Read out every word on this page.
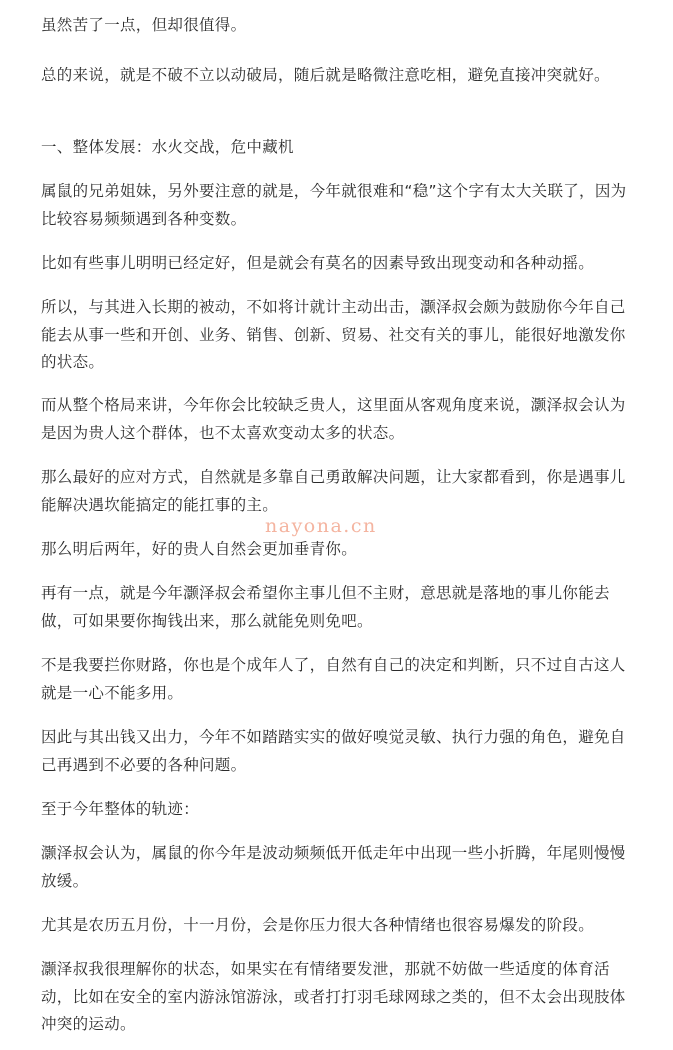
虽然苦了一点，但却很值得。

总的来说，就是不破不立以动破局，随后就是略微注意吃相，避免直接冲突就好。

一、整体发展：水火交战，危中藏机

属鼠的兄弟姐妹，另外要注意的就是，今年就很难和“稳”这个字有太大关联了，因为比较容易频频遇到各种变数。

比如有些事儿明明已经定好，但是就会有莫名的因素导致出现变动和各种动摇。

所以，与其进入长期的被动，不如将计就计主动出击，灏泽叔会颇为鼓励你今年自己能去从事一些和开创、业务、销售、创新、贸易、社交有关的事儿，能很好地激发你的状态。

而从整个格局来讲，今年你会比较缺乏贵人，这里面从客观角度来说，灏泽叔会认为是因为贵人这个群体，也不太喜欢变动太多的状态。

那么最好的应对方式，自然就是多靠自己勇敢解决问题，让大家都看到，你是遇事儿能解决遇坎能搞定的能扛事的主。

那么明后两年，好的贵人自然会更加垂青你。

再有一点，就是今年灏泽叔会希望你主事儿但不主财，意思就是落地的事儿你能去做，可如果要你掏钱出来，那么就能免则免吧。

不是我要拦你财路，你也是个成年人了，自然有自己的决定和判断，只不过自古这人就是一心不能多用。

因此与其出钱又出力，今年不如踏踏实实的做好嗅觉灵敏、执行力强的角色，避免自己再遇到不必要的各种问题。

至于今年整体的轨迹：

灏泽叔会认为，属鼠的你今年是波动频频低开低走年中出现一些小折腾，年尾则慢慢放缓。

尤其是农历五月份，十一月份，会是你压力很大各种情绪也很容易爆发的阶段。

灏泽叔我很理解你的状态，如果实在有情绪要发泄，那就不妨做一些适度的体育活动，比如在安全的室内游泳馆游泳，或者打打羽毛球网球之类的，但不太会出现肢体冲突的运动。

nayona.cn
